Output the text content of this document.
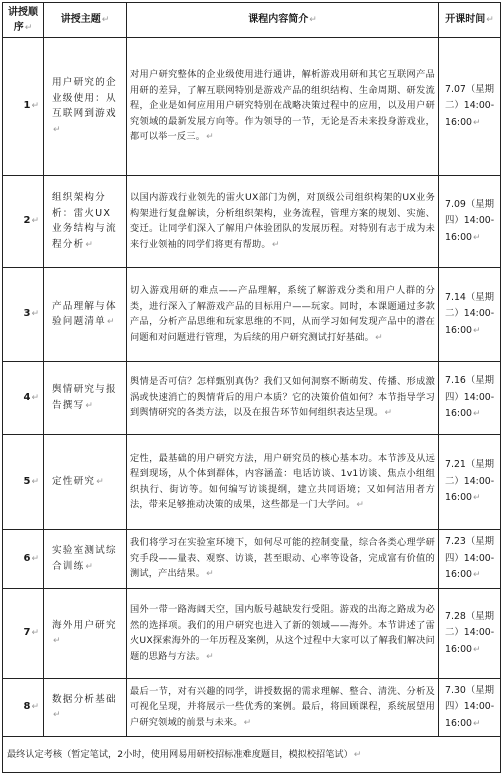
讲授顺序↵	讲授主题↵	课程内容简介↵	开课时间↵
1↵	用户研究的企业级使用：从互联网到游戏↵	对用户研究整体的企业级使用进行通讲，解析游戏用研和其它互联网产品用研的差异，了解互联网特别是游戏产品的组织结构、生命周期、研发流程，企业是如何应用用户研究特别在战略决策过程中的应用，以及用户研究领域的最新发展方向等。作为领导的一节，无论是否未来投身游戏业，都可以举一反三。↵	7.07（星期二）14:00-16:00↵
2↵	组织架构分析：雷火UX业务结构与流程分析↵	以国内游戏行业领先的雷火UX部门为例，对顶级公司组织构架的UX业务构架进行复盘解读，分析组织架构，业务流程，管理方案的规划、实施、变迁。让同学们深入了解用户体验团队的发展历程。对特别有志于成为未来行业领袖的同学们将更有帮助。↵	7.09（星期四）14:00-16:00↵
3↵	产品理解与体验问题清单↵	切入游戏用研的难点——产品理解，系统了解游戏分类和用户人群的分类，进行深入了解游戏产品的目标用户——玩家。同时，本课题通过多款产品，分析产品思维和玩家思维的不同，从而学习如何发现产品中的潜在问题和对问题进行管理，为后续的用户研究测试打好基础。↵	7.14（星期二）14:00-16:00↵
4↵	舆情研究与报告撰写↵	舆情是否可信？怎样甄别真伪？我们又如何洞察不断萌发、传播、形成激涡或快速消亡的舆情背后的用户本质？它的决策价值如何？本节指导学习到舆情研究的各类方法，以及在报告环节如何组织表达呈现。↵	7.16（星期四）14:00-16:00↵
5↵	定性研究↵	定性，最基础的用户研究方法，用户研究员的核心基本功。本节涉及从远程到现场，从个体到群体，内容涵盖：电话访谈、1v1访谈、焦点小组组织执行、街访等。如何编写访谈提纲，建立共同语境；又如何洁用者方法，带来足够推动决策的成果，这些都是一门大学问。↵	7.21（星期二）14:00-16:00↵
6↵	实验室测试综合训练↵	我们将学习在实验室环境下，如何尽可能的控制变量，综合各类心理学研究手段——量表、观察、访谈，甚至眼动、心率等设备，完成富有价值的测试，产出结果。↵	7.23（星期四）14:00-16:00↵
7↵	海外用户研究↵	国外一带一路海阔天空，国内版号越缺发行受阻。游戏的出海之路成为必然的选择项。我们的用户研究也进入了新的领域——海外。本节讲述了雷火UX探索海外的一年历程及案例，从这个过程中大家可以了解我们解决问题的思路与方法。↵	7.28（星期二）14:00-16:00↵
8↵	数据分析基础↵	最后一节，对有兴趣的同学，讲授数据的需求理解、整合、清洗、分析及可视化呈现，并将展示一些优秀的案例。最后，将回顾课程，系统展望用户研究领域的前景与未来。↵	7.30（星期四）14:00-16:00↵
最终认定考核（暂定笔试，2小时，使用网易用研校招标准难度题目，模拟校招笔试）↵			
